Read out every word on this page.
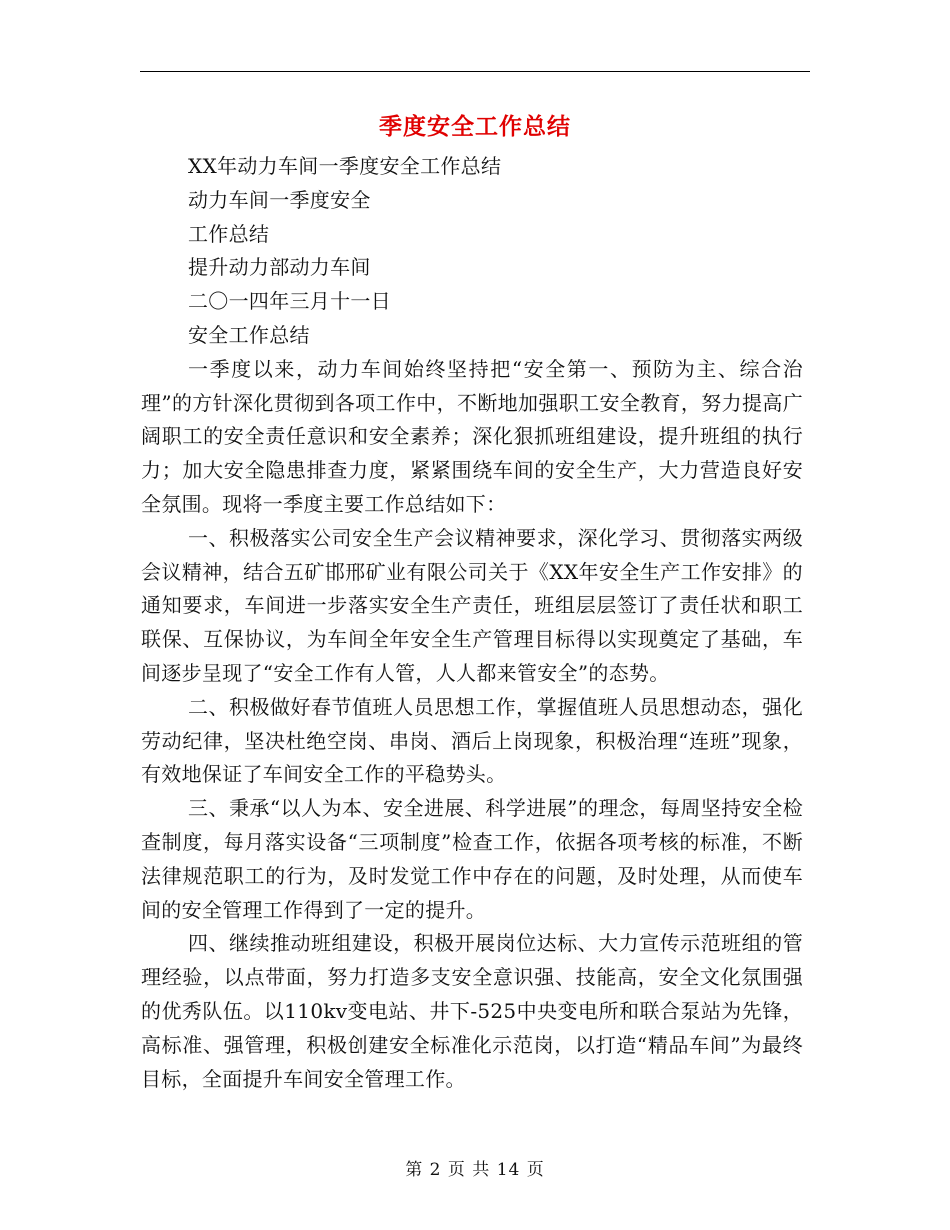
季度安全工作总结
XX年动力车间一季度安全工作总结
动力车间一季度安全
工作总结
提升动力部动力车间
二〇一四年三月十一日
安全工作总结

一季度以来，动力车间始终坚持把“安全第一、预防为主、综合治理”的方针深化贯彻到各项工作中，不断地加强职工安全教育，努力提高广阔职工的安全责任意识和安全素养；深化狠抓班组建设，提升班组的执行力；加大安全隐患排查力度，紧紧围绕车间的安全生产，大力营造良好安全氛围。现将一季度主要工作总结如下：

一、积极落实公司安全生产会议精神要求，深化学习、贯彻落实两级会议精神，结合五矿邯邢矿业有限公司关于《XX年安全生产工作安排》的通知要求，车间进一步落实安全生产责任，班组层层签订了责任状和职工联保、互保协议，为车间全年安全生产管理目标得以实现奠定了基础，车间逐步呈现了“安全工作有人管，人人都来管安全”的态势。

二、积极做好春节值班人员思想工作，掌握值班人员思想动态，强化劳动纪律，坚决杜绝空岗、串岗、酒后上岗现象，积极治理“连班”现象，有效地保证了车间安全工作的平稳势头。

三、秉承“以人为本、安全进展、科学进展”的理念，每周坚持安全检查制度，每月落实设备“三项制度”检查工作，依据各项考核的标准，不断法律规范职工的行为，及时发觉工作中存在的问题，及时处理，从而使车间的安全管理工作得到了一定的提升。

四、继续推动班组建设，积极开展岗位达标、大力宣传示范班组的管理经验，以点带面，努力打造多支安全意识强、技能高，安全文化氛围强的优秀队伍。以110kv变电站、井下-525中央变电所和联合泵站为先锋，高标准、强管理，积极创建安全标准化示范岗，以打造“精品车间”为最终目标，全面提升车间安全管理工作。

第 2 页 共 14 页
